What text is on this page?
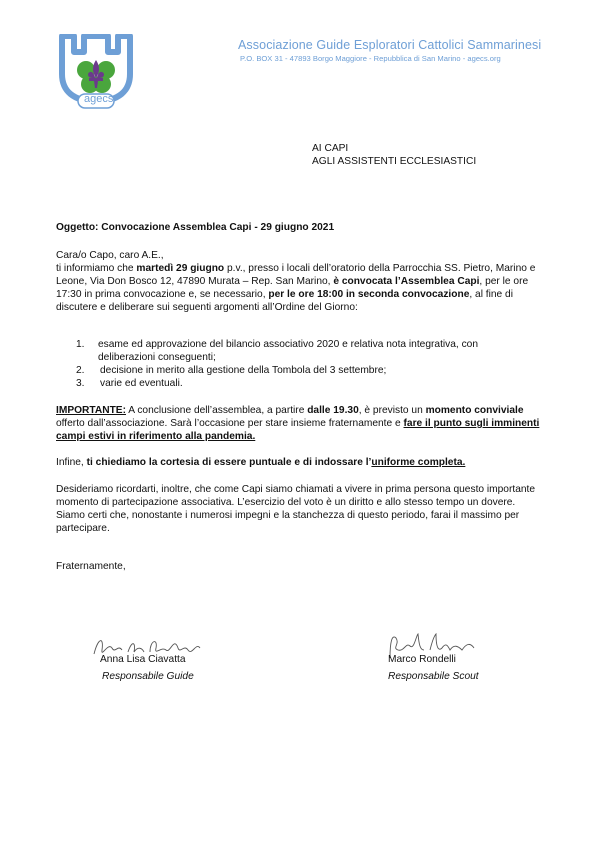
agecs
Associazione Guide Esploratori Cattolici Sammarinesi
P.O. BOX 31 - 47893 Borgo Maggiore - Repubblica di San Marino - agecs.org
AI CAPI
AGLI ASSISTENTI ECCLESIASTICI
Oggetto: Convocazione Assemblea Capi - 29 giugno 2021
Cara/o Capo, caro A.E.,
ti informiamo che martedì 29 giugno p.v., presso i locali dell’oratorio della Parrocchia SS. Pietro, Marino e Leone, Via Don Bosco 12, 47890 Murata – Rep. San Marino, è convocata l’Assemblea Capi, per le ore 17:30 in prima convocazione e, se necessario, per le ore 18:00 in seconda convocazione, al fine di discutere e deliberare sui seguenti argomenti all’Ordine del Giorno:
1. esame ed approvazione del bilancio associativo 2020 e relativa nota integrativa, con deliberazioni conseguenti;
2. decisione in merito alla gestione della Tombola del 3 settembre;
3. varie ed eventuali.
IMPORTANTE: A conclusione dell’assemblea, a partire dalle 19.30, è previsto un momento conviviale offerto dall’associazione. Sarà l’occasione per stare insieme fraternamente e fare il punto sugli imminenti campi estivi in riferimento alla pandemia.
Infine, ti chiediamo la cortesia di essere puntuale e di indossare l’uniforme completa.
Desideriamo ricordarti, inoltre, che come Capi siamo chiamati a vivere in prima persona questo importante momento di partecipazione associativa. L’esercizio del voto è un diritto e allo stesso tempo un dovere.
Siamo certi che, nonostante i numerosi impegni e la stanchezza di questo periodo, farai il massimo per partecipare.
Fraternamente,
Anna Lisa Ciavatta
Responsabile Guide
Marco Rondelli
Responsabile Scout
